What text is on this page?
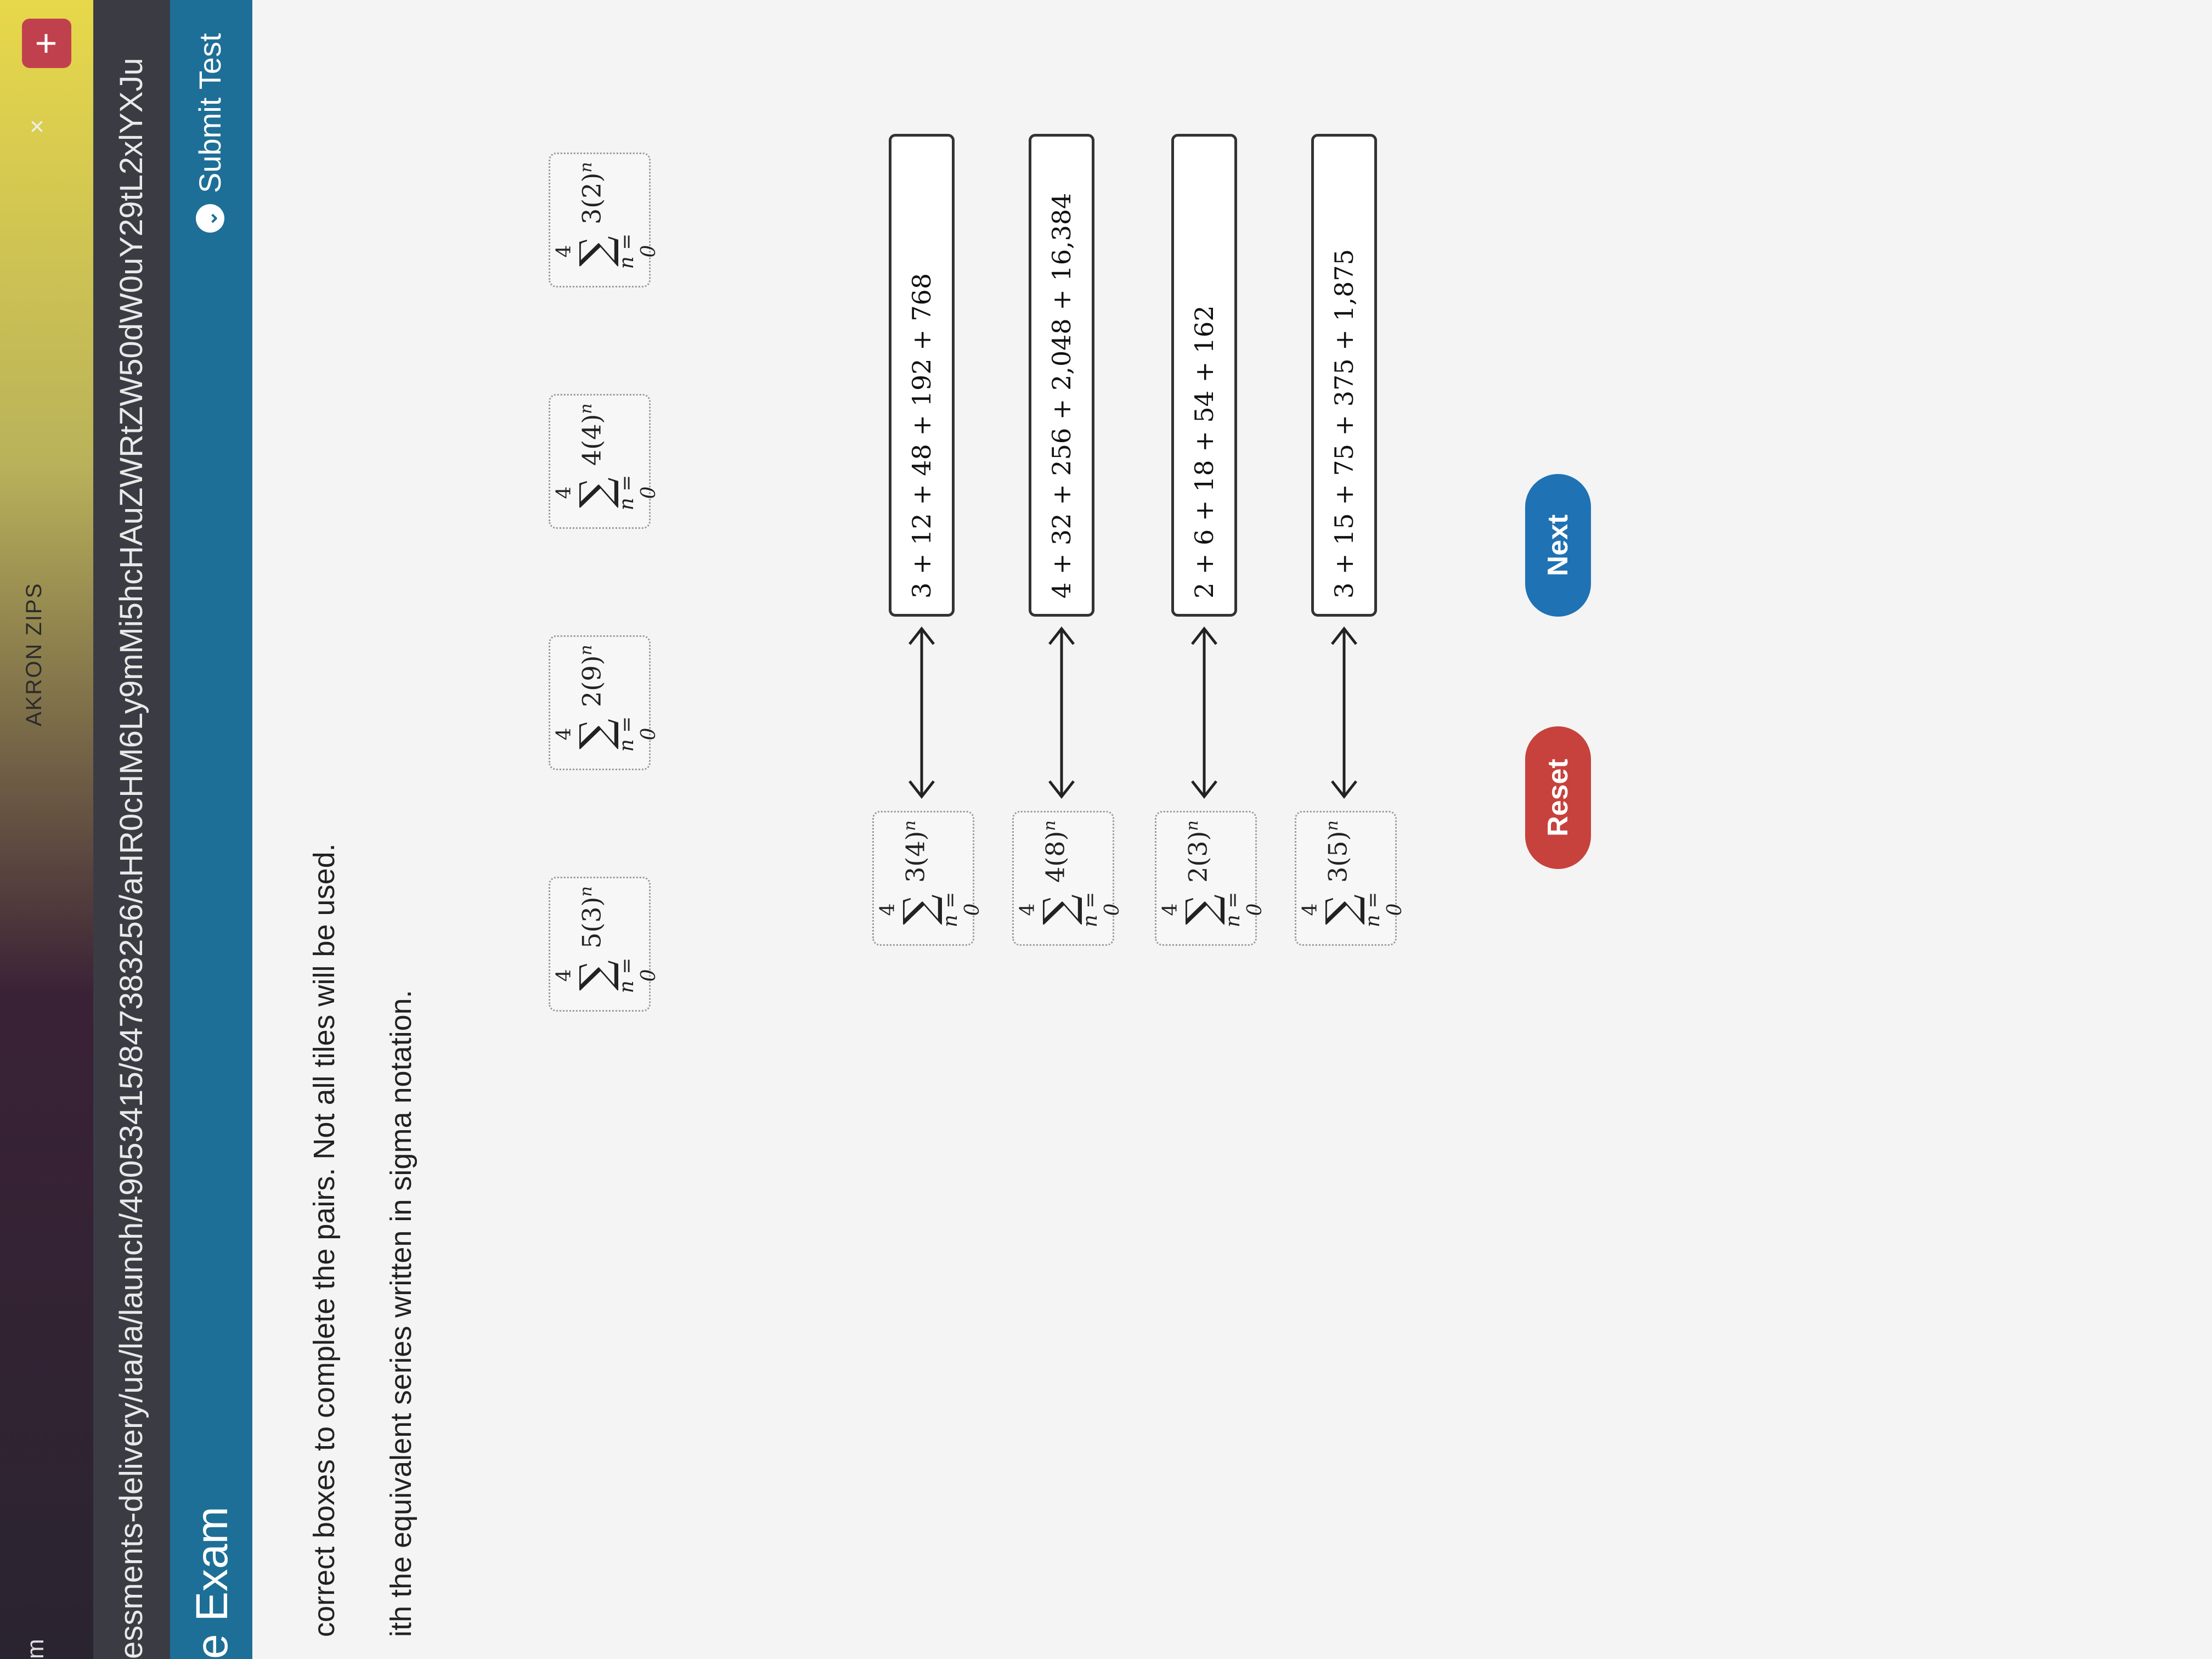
m
×
+
AKRON ZIPS essments-delivery/ua/la/launch/49053415/847383256/aHR0cHM6Ly9mMi5hcHAuZWRtZW50dW0uY29tL2xlYXJu e Exam
⌄
Submit Test
correct boxes to complete the pairs. Not all tiles will be used. ith the equivalent series written in sigma notation.
4
∑
n = 0
$5(3)^n$
4
∑
n = 0
$2(9)^n$
4
∑
n = 0
$4(4)^n$
4
∑
n = 0
$3(2)^n$
3 + 12 + 48 + 192 + 768
4
∑
n = 0
$3(4)^n$
4 + 32 + 256 + 2,048 + 16,384
4
∑
n = 0
$4(8)^n$
2 + 6 + 18 + 54 + 162
4
∑
n = 0
$2(3)^n$
3 + 15 + 75 + 375 + 1,875
4
∑
n = 0
$3(5)^n$	Reset
Next
